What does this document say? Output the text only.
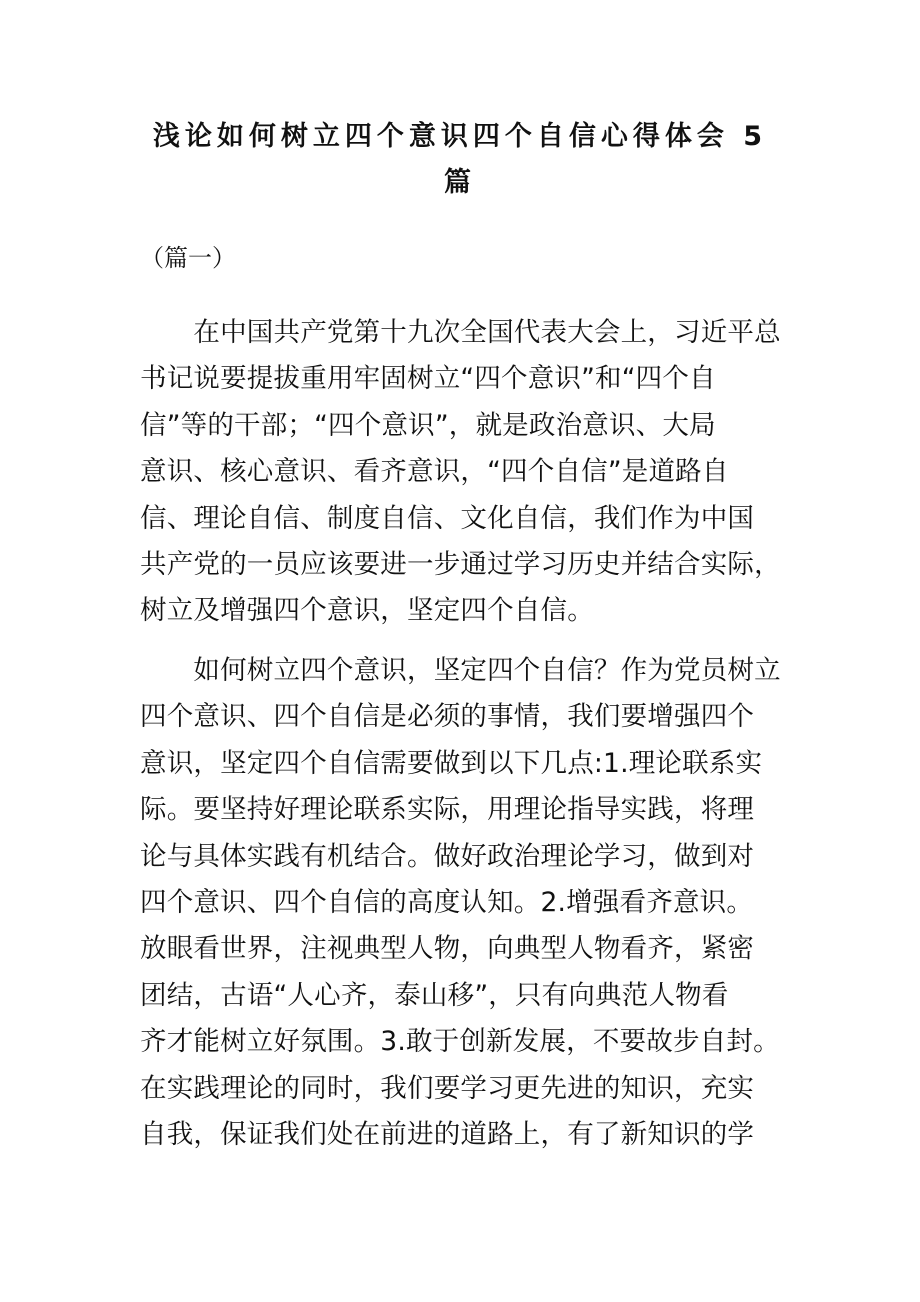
浅论如何树立四个意识四个自信心得体会 5
篇

（篇一）

　　在中国共产党第十九次全国代表大会上，习近平总
书记说要提拔重用牢固树立“四个意识”和“四个自
信”等的干部；“四个意识”，就是政治意识、大局
意识、核心意识、看齐意识，“四个自信”是道路自
信、理论自信、制度自信、文化自信，我们作为中国
共产党的一员应该要进一步通过学习历史并结合实际，
树立及增强四个意识，坚定四个自信。

　　如何树立四个意识，坚定四个自信？作为党员树立
四个意识、四个自信是必须的事情，我们要增强四个
意识，坚定四个自信需要做到以下几点:1.理论联系实
际。要坚持好理论联系实际，用理论指导实践，将理
论与具体实践有机结合。做好政治理论学习，做到对
四个意识、四个自信的高度认知。2.增强看齐意识。
放眼看世界，注视典型人物，向典型人物看齐，紧密
团结，古语“人心齐，泰山移”，只有向典范人物看
齐才能树立好氛围。3.敢于创新发展，不要故步自封。
在实践理论的同时，我们要学习更先进的知识，充实
自我，保证我们处在前进的道路上，有了新知识的学
